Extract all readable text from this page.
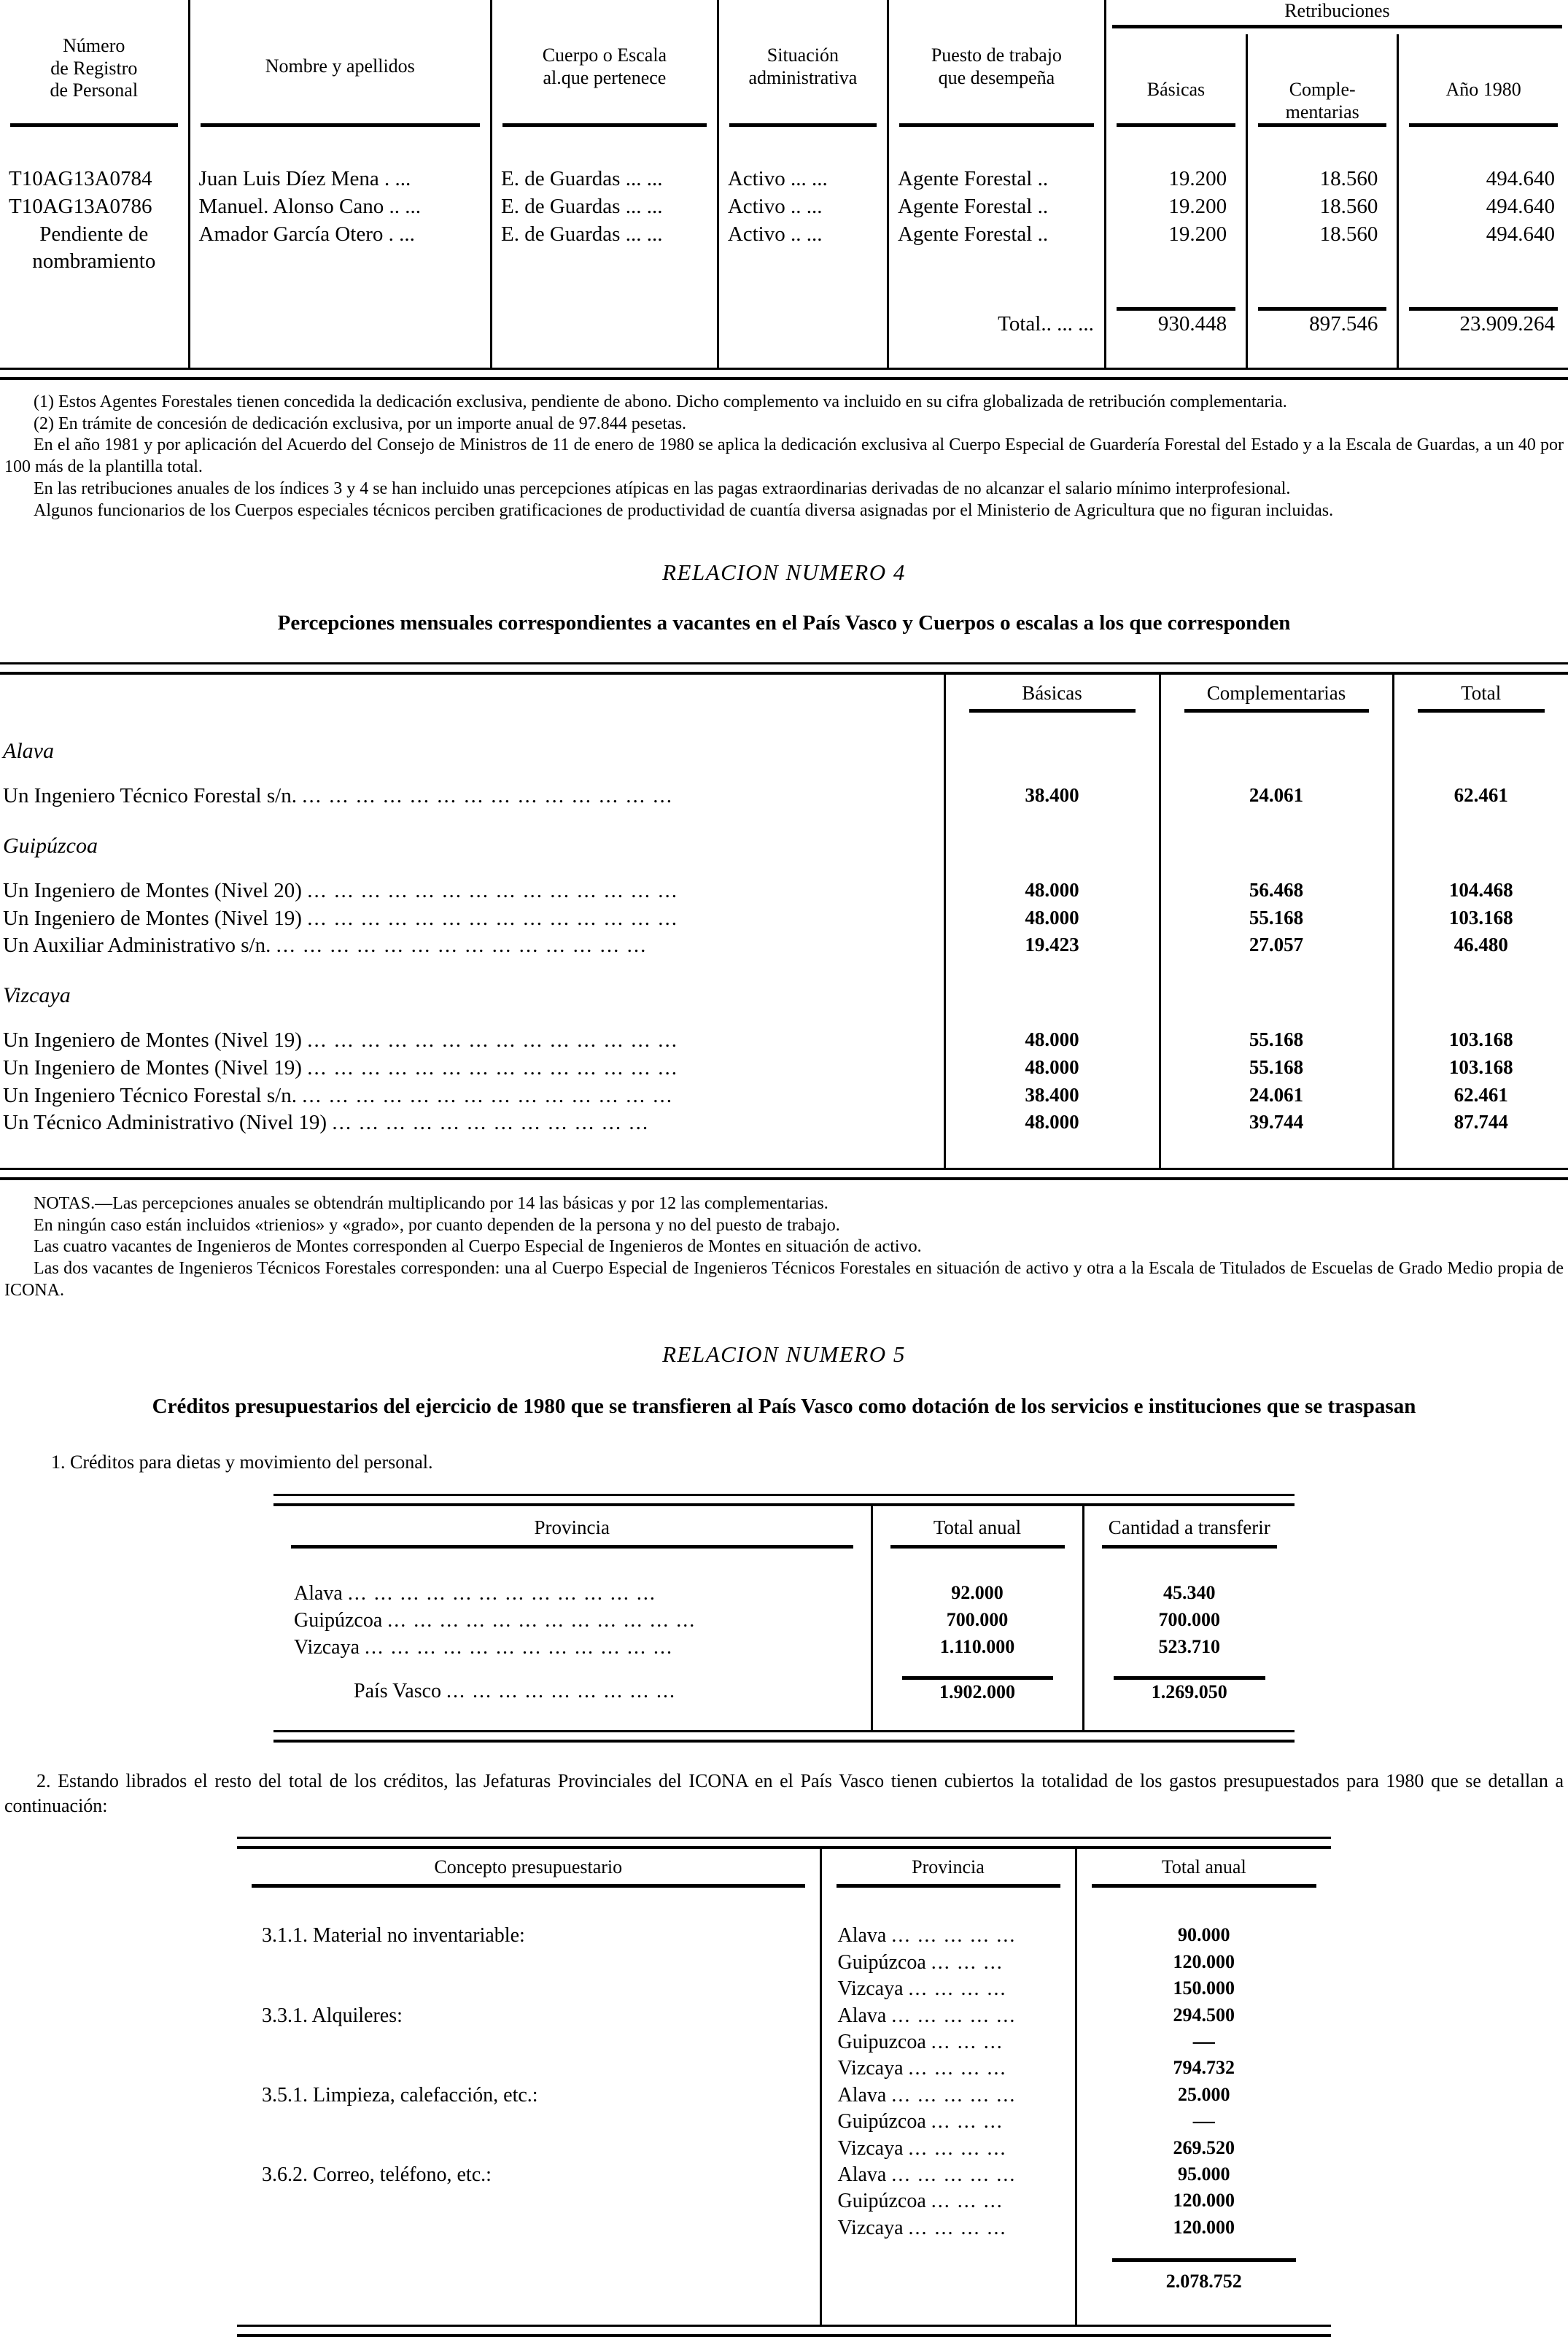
Número
de Registro
de Personal

Nombre y apellidos

Cuerpo o Escala
al.que pertenece

Situación
administrativa

Puesto de trabajo
que desempeña

Retribuciones

					Básicas	Comple-
mentarias	Año 1980

T10AG13A0784	Juan Luis Díez Mena . ...	E. de Guardas ... ...	Activo ... ...	Agente Forestal ..	19.200	18.560	494.640
T10AG13A0786	Manuel. Alonso Cano .. ...	E. de Guardas ... ...	Activo .. ...	Agente Forestal ..	19.200	18.560	494.640

Pendiente de
nombramiento	Amador García Otero . ...	E. de Guardas ... ...	Activo .. ...	Agente Forestal ..	19.200	18.560	494.640

				Total.. ... ...	930.448	897.546	23.909.264

(1) Estos Agentes Forestales tienen concedida la dedicación exclusiva, pendiente de abono. Dicho complemento va incluido en su cifra globalizada de retribución complementaria.

(2) En trámite de concesión de dedicación exclusiva, por un importe anual de 97.844 pesetas.

En el año 1981 y por aplicación del Acuerdo del Consejo de Ministros de 11 de enero de 1980 se aplica la dedicación exclusiva al Cuerpo Especial de Guardería Forestal del Estado y a la Escala de Guardas, a un 40 por 100 más de la plantilla total.

En las retribuciones anuales de los índices 3 y 4 se han incluido unas percepciones atípicas en las pagas extraordinarias derivadas de no alcanzar el salario mínimo interprofesional.

Algunos funcionarios de los Cuerpos especiales técnicos perciben gratificaciones de productividad de cuantía diversa asignadas por el Ministerio de Agricultura que no figuran incluidas.

RELACION NUMERO 4
Percepciones mensuales correspondientes a vacantes en el País Vasco y Cuerpos o escalas a los que corresponden
	Básicas	Complementarias	Total

Alava			

Un Ingeniero Técnico Forestal s/n. ... ... ... ... ... ... ... ... ... ... ... ... ... ...	38.400	24.061	62.461

Guipúzcoa			

Un Ingeniero de Montes (Nivel 20) ... ... ... ... ... ... ... ... ... ... ... ... ... ...	48.000	56.468	104.468
Un Ingeniero de Montes (Nivel 19) ... ... ... ... ... ... ... ... ... ... ... ... ... ...	48.000	55.168	103.168
Un Auxiliar Administrativo s/n. ... ... ... ... ... ... ... ... ... ... ... ... ... ...	19.423	27.057	46.480

Vizcaya			

Un Ingeniero de Montes (Nivel 19) ... ... ... ... ... ... ... ... ... ... ... ... ... ...	48.000	55.168	103.168
Un Ingeniero de Montes (Nivel 19) ... ... ... ... ... ... ... ... ... ... ... ... ... ...	48.000	55.168	103.168
Un Ingeniero Técnico Forestal s/n. ... ... ... ... ... ... ... ... ... ... ... ... ... ...	38.400	24.061	62.461
Un Técnico Administrativo (Nivel 19) ... ... ... ... ... ... ... ... ... ... ... ...	48.000	39.744	87.744

NOTAS.—Las percepciones anuales se obtendrán multiplicando por 14 las básicas y por 12 las complementarias.

En ningún caso están incluidos «trienios» y «grado», por cuanto dependen de la persona y no del puesto de trabajo.

Las cuatro vacantes de Ingenieros de Montes corresponden al Cuerpo Especial de Ingenieros de Montes en situación de activo.

Las dos vacantes de Ingenieros Técnicos Forestales corresponden: una al Cuerpo Especial de Ingenieros Técnicos Forestales en situación de activo y otra a la Escala de Titulados de Escuelas de Grado Medio propia de ICONA.

RELACION NUMERO 5
Créditos presupuestarios del ejercicio de 1980 que se transfieren al País Vasco como dotación de los servicios e instituciones que se traspasan

1. Créditos para dietas y movimiento del personal.

Provincia	Total anual	Cantidad a transferir

Alava ... ... ... ... ... ... ... ... ... ... ... ...	92.000	45.340
Guipúzcoa ... ... ... ... ... ... ... ... ... ... ... ...	700.000	700.000
Vizcaya ... ... ... ... ... ... ... ... ... ... ... ...	1.110.000	523.710

País Vasco ... ... ... ... ... ... ... ... ...	1.902.000	1.269.050

2. Estando librados el resto del total de los créditos, las Jefaturas Provinciales del ICONA en el País Vasco tienen cubiertos la totalidad de los gastos presupuestados para 1980 que se detallan a continuación:

Concepto presupuestario	Provincia	Total anual

3.1.1. Material no inventariable:	Alava ... ... ... ... ...	90.000
	Guipúzcoa ... ... ...	120.000
	Vizcaya ... ... ... ...	150.000
3.3.1. Alquileres:	Alava ... ... ... ... ...	294.500
	Guipuzcoa ... ... ...	—
	Vizcaya ... ... ... ...	794.732
3.5.1. Limpieza, calefacción, etc.:	Alava ... ... ... ... ...	25.000
	Guipúzcoa ... ... ...	—
	Vizcaya ... ... ... ...	269.520
3.6.2. Correo, teléfono, etc.:	Alava ... ... ... ... ...	95.000
	Guipúzcoa ... ... ...	120.000
	Vizcaya ... ... ... ...	120.000

		2.078.752
